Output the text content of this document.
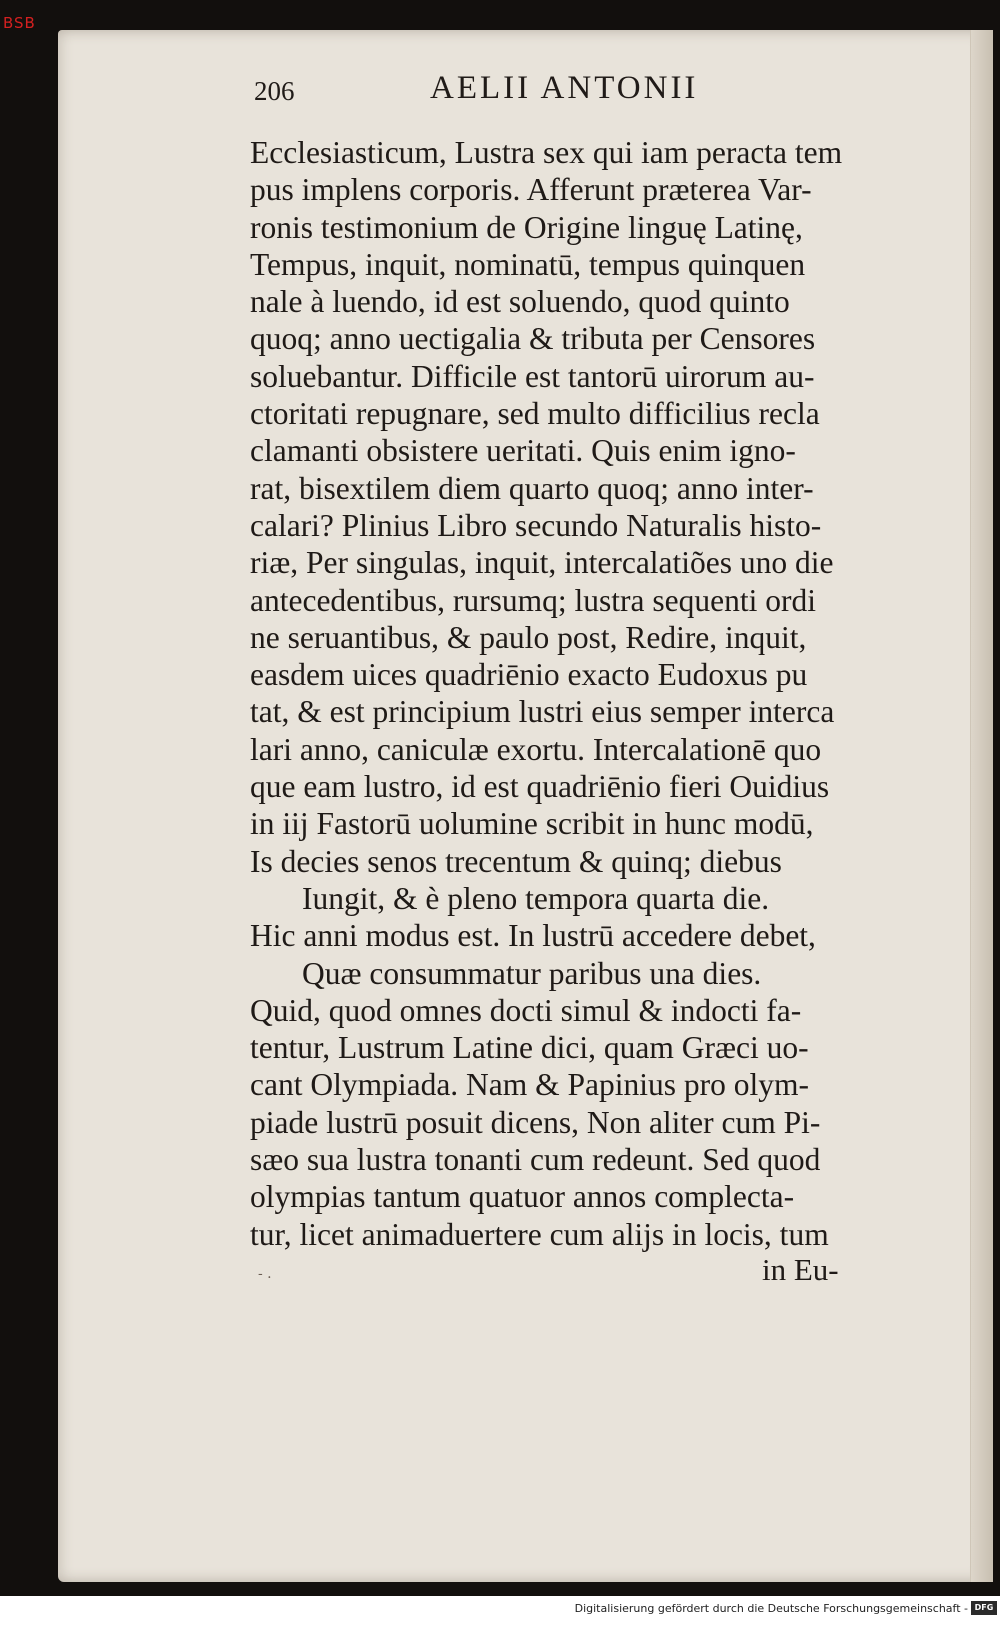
BSB
206	AELII ANTONII
Ecclesiasticum, Lustra sex qui iam peracta tem
pus implens corporis. Afferunt præterea Var-
ronis testimonium de Origine linguę Latinę,
Tempus, inquit, nominatū, tempus quinquen
nale à luendo, id est soluendo, quod quinto
quoq; anno uectigalia & tributa per Censores
soluebantur. Difficile est tantorū uirorum au-
ctoritati repugnare, sed multo difficilius recla
clamanti obsistere ueritati. Quis enim igno-
rat, bisextilem diem quarto quoq; anno inter-
calari? Plinius Libro secundo Naturalis histo-
riæ, Per singulas, inquit, intercalatiões uno die
antecedentibus, rursumq; lustra sequenti ordi
ne seruantibus, & paulo post, Redire, inquit,
easdem uices quadriēnio exacto Eudoxus pu
tat, & est principium lustri eius semper interca
lari anno, caniculæ exortu. Intercalationē quo
que eam lustro, id est quadriēnio fieri Ouidius
in iij Fastorū uolumine scribit in hunc modū,
Is decies senos trecentum & quinq; diebus
Iungit, & è pleno tempora quarta die.
Hic anni modus est. In lustrū accedere debet,
Quæ consummatur paribus una dies.
Quid, quod omnes docti simul & indocti fa-
tentur, Lustrum Latine dici, quam Græci uo-
cant Olympiada. Nam & Papinius pro olym-
piade lustrū posuit dicens, Non aliter cum Pi-
sæo sua lustra tonanti cum redeunt. Sed quod
olympias tantum quatuor annos complecta-
tur, licet animaduertere cum alijs in locis, tum
- .	in Eu-
Digitalisierung gefördert durch die Deutsche Forschungsgemeinschaft - DFG
